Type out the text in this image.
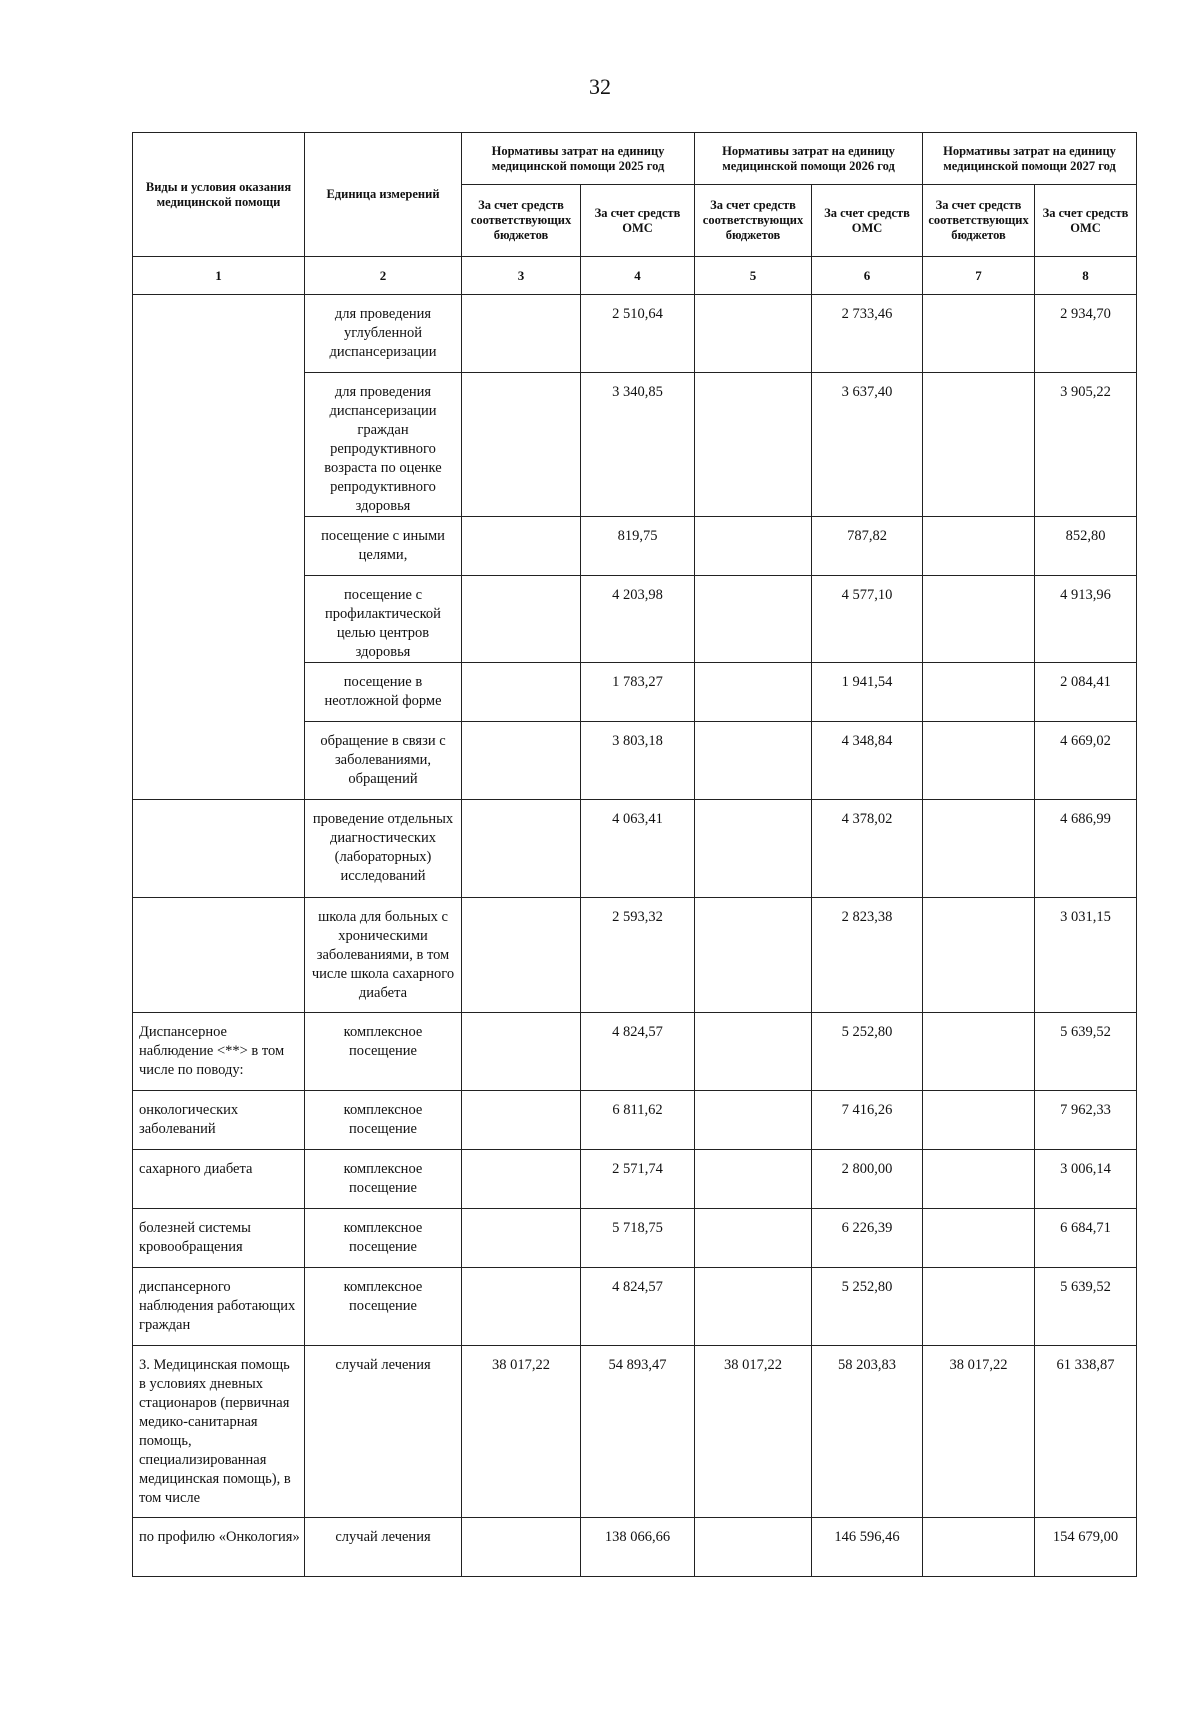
32
Виды и условия оказания медицинской помощи	Единица измерений	Нормативы затрат на единицу медицинской помощи 2025 год		Нормативы затрат на единицу медицинской помощи 2026 год		Нормативы затрат на единицу медицинской помощи 2027 год	
		За счет средств соответствующих бюджетов	За счет средств ОМС	За счет средств соответствующих бюджетов	За счет средств ОМС	За счет средств соответствующих бюджетов	За счет средств ОМС
1	2	3	4	5	6	7	8
	для проведения углубленной диспансеризации		2 510,64		2 733,46		2 934,70
	для проведения диспансеризации граждан репродуктивного возраста по оценке репродуктивного здоровья		3 340,85		3 637,40		3 905,22
	посещение с иными целями,		819,75		787,82		852,80
	посещение с профилактической целью центров здоровья		4 203,98		4 577,10		4 913,96
	посещение в неотложной форме		1 783,27		1 941,54		2 084,41
	обращение в связи с заболеваниями, обращений		3 803,18		4 348,84		4 669,02
	проведение отдельных диагностических (лабораторных) исследований		4 063,41		4 378,02		4 686,99
	школа для больных с хроническими заболеваниями, в том числе школа сахарного диабета		2 593,32		2 823,38		3 031,15
Диспансерное наблюдение <**> в том числе по поводу:	комплексное посещение		4 824,57		5 252,80		5 639,52
онкологических заболеваний	комплексное посещение		6 811,62		7 416,26		7 962,33
сахарного диабета	комплексное посещение		2 571,74		2 800,00		3 006,14
болезней системы кровообращения	комплексное посещение		5 718,75		6 226,39		6 684,71
диспансерного наблюдения работающих граждан	комплексное посещение		4 824,57		5 252,80		5 639,52
3. Медицинская помощь в условиях дневных стационаров (первичная медико-санитарная помощь, специализированная медицинская помощь), в том числе	случай лечения	38 017,22	54 893,47	38 017,22	58 203,83	38 017,22	61 338,87
по профилю «Онкология»	случай лечения		138 066,66		146 596,46		154 679,00
